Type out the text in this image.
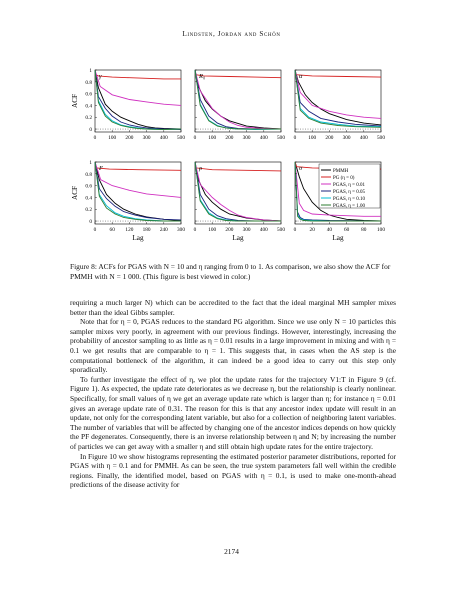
Lindsten, Jordan and Schön
γ
0 100 200 300 400 500
0
0.2
0.4
0.6
0.8
1
ACF
R₀
0 100 200 300 400 500
α
0 100 200 300 400 500
F
0 60 120 180 240 300
0
0.2
0.4
0.6
0.8
1
ACF
Lag
ρ
0 100 200 300 400 500
Lag
σ
0 20 40 60 80 100
Lag
PMMH
PG (η = 0)
PGAS, η = 0.01
PGAS, η = 0.05
PGAS, η = 0.10
PGAS, η = 1.00
Figure 8: ACFs for PGAS with N = 10 and η ranging from 0 to 1. As comparison, we also show the ACF for PMMH with N = 1 000. (This figure is best viewed in color.)

requiring a much larger N) which can be accredited to the fact that the ideal marginal MH sampler mixes better than the ideal Gibbs sampler.

Note that for η = 0, PGAS reduces to the standard PG algorithm. Since we use only N = 10 particles this sampler mixes very poorly, in agreement with our previous findings. However, interestingly, increasing the probability of ancestor sampling to as little as η = 0.01 results in a large improvement in mixing and with η = 0.1 we get results that are comparable to η = 1. This suggests that, in cases when the AS step is the computational bottleneck of the algorithm, it can indeed be a good idea to carry out this step only sporadically.

To further investigate the effect of η, we plot the update rates for the trajectory V1:T in Figure 9 (cf. Figure 1). As expected, the update rate deteriorates as we decrease η, but the relationship is clearly nonlinear. Specifically, for small values of η we get an average update rate which is larger than η; for instance η = 0.01 gives an average update rate of 0.31. The reason for this is that any ancestor index update will result in an update, not only for the corresponding latent variable, but also for a collection of neighboring latent variables. The number of variables that will be affected by changing one of the ancestor indices depends on how quickly the PF degenerates. Consequently, there is an inverse relationship between η and N; by increasing the number of particles we can get away with a smaller η and still obtain high update rates for the entire trajectory.

In Figure 10 we show histograms representing the estimated posterior parameter distributions, reported for PGAS with η = 0.1 and for PMMH. As can be seen, the true system parameters fall well within the credible regions. Finally, the identified model, based on PGAS with η = 0.1, is used to make one-month-ahead predictions of the disease activity for

2174
